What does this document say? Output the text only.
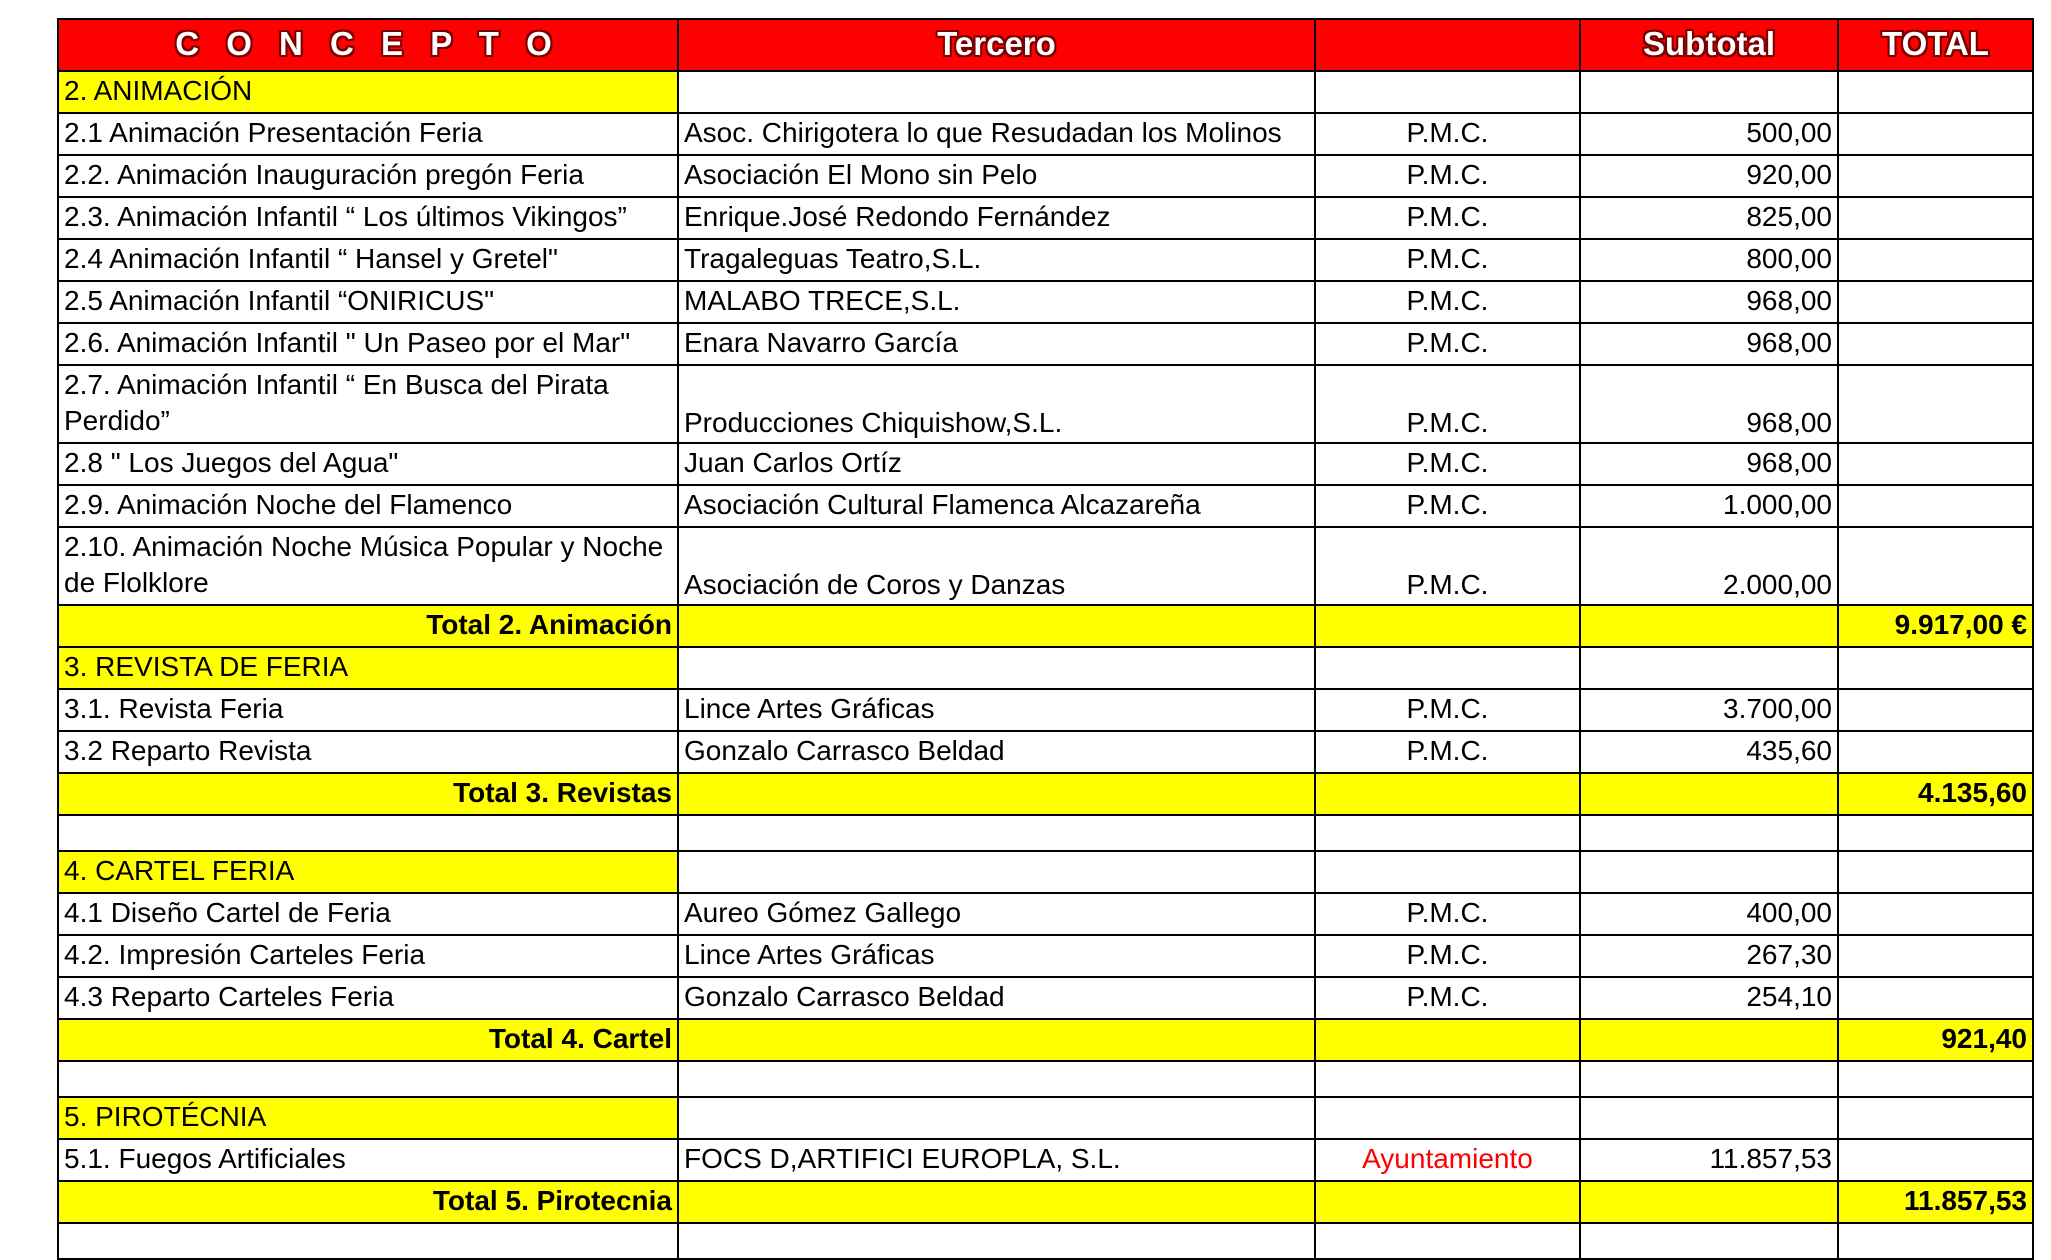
C O N C E P T O	Tercero		Subtotal	TOTAL
2. ANIMACIÓN				
2.1 Animación Presentación Feria	Asoc. Chirigotera lo que Resudadan los Molinos	P.M.C.	500,00	
2.2. Animación Inauguración pregón Feria	Asociación El Mono sin Pelo	P.M.C.	920,00	
2.3. Animación Infantil “ Los últimos Vikingos”	Enrique.José Redondo Fernández	P.M.C.	825,00	
2.4 Animación Infantil “ Hansel y Gretel"	Tragaleguas Teatro,S.L.	P.M.C.	800,00	
2.5 Animación Infantil “ONIRICUS"	MALABO TRECE,S.L.	P.M.C.	968,00	
2.6. Animación Infantil " Un Paseo por el Mar"	Enara Navarro García	P.M.C.	968,00	
2.7. Animación Infantil “ En Busca del Pirata Perdido”	Producciones Chiquishow,S.L.	P.M.C.	968,00	
2.8 " Los Juegos del Agua"	Juan Carlos Ortíz	P.M.C.	968,00	
2.9. Animación Noche del Flamenco	Asociación Cultural Flamenca Alcazareña	P.M.C.	1.000,00	
2.10. Animación Noche Música Popular y Noche de Flolklore	Asociación de Coros y Danzas	P.M.C.	2.000,00	
Total 2. Animación				9.917,00 €
3. REVISTA DE FERIA				
3.1. Revista Feria	Lince Artes Gráficas	P.M.C.	3.700,00	
3.2 Reparto Revista	Gonzalo Carrasco Beldad	P.M.C.	435,60	
Total 3. Revistas				4.135,60

4. CARTEL FERIA				
4.1 Diseño Cartel de Feria	Aureo Gómez Gallego	P.M.C.	400,00	
4.2. Impresión Carteles Feria	Lince Artes Gráficas	P.M.C.	267,30	
4.3 Reparto Carteles Feria	Gonzalo Carrasco Beldad	P.M.C.	254,10	
Total 4. Cartel				921,40

5. PIROTÉCNIA				
5.1. Fuegos Artificiales	FOCS D,ARTIFICI EUROPLA, S.L.	Ayuntamiento	11.857,53	
Total 5. Pirotecnia				11.857,53
